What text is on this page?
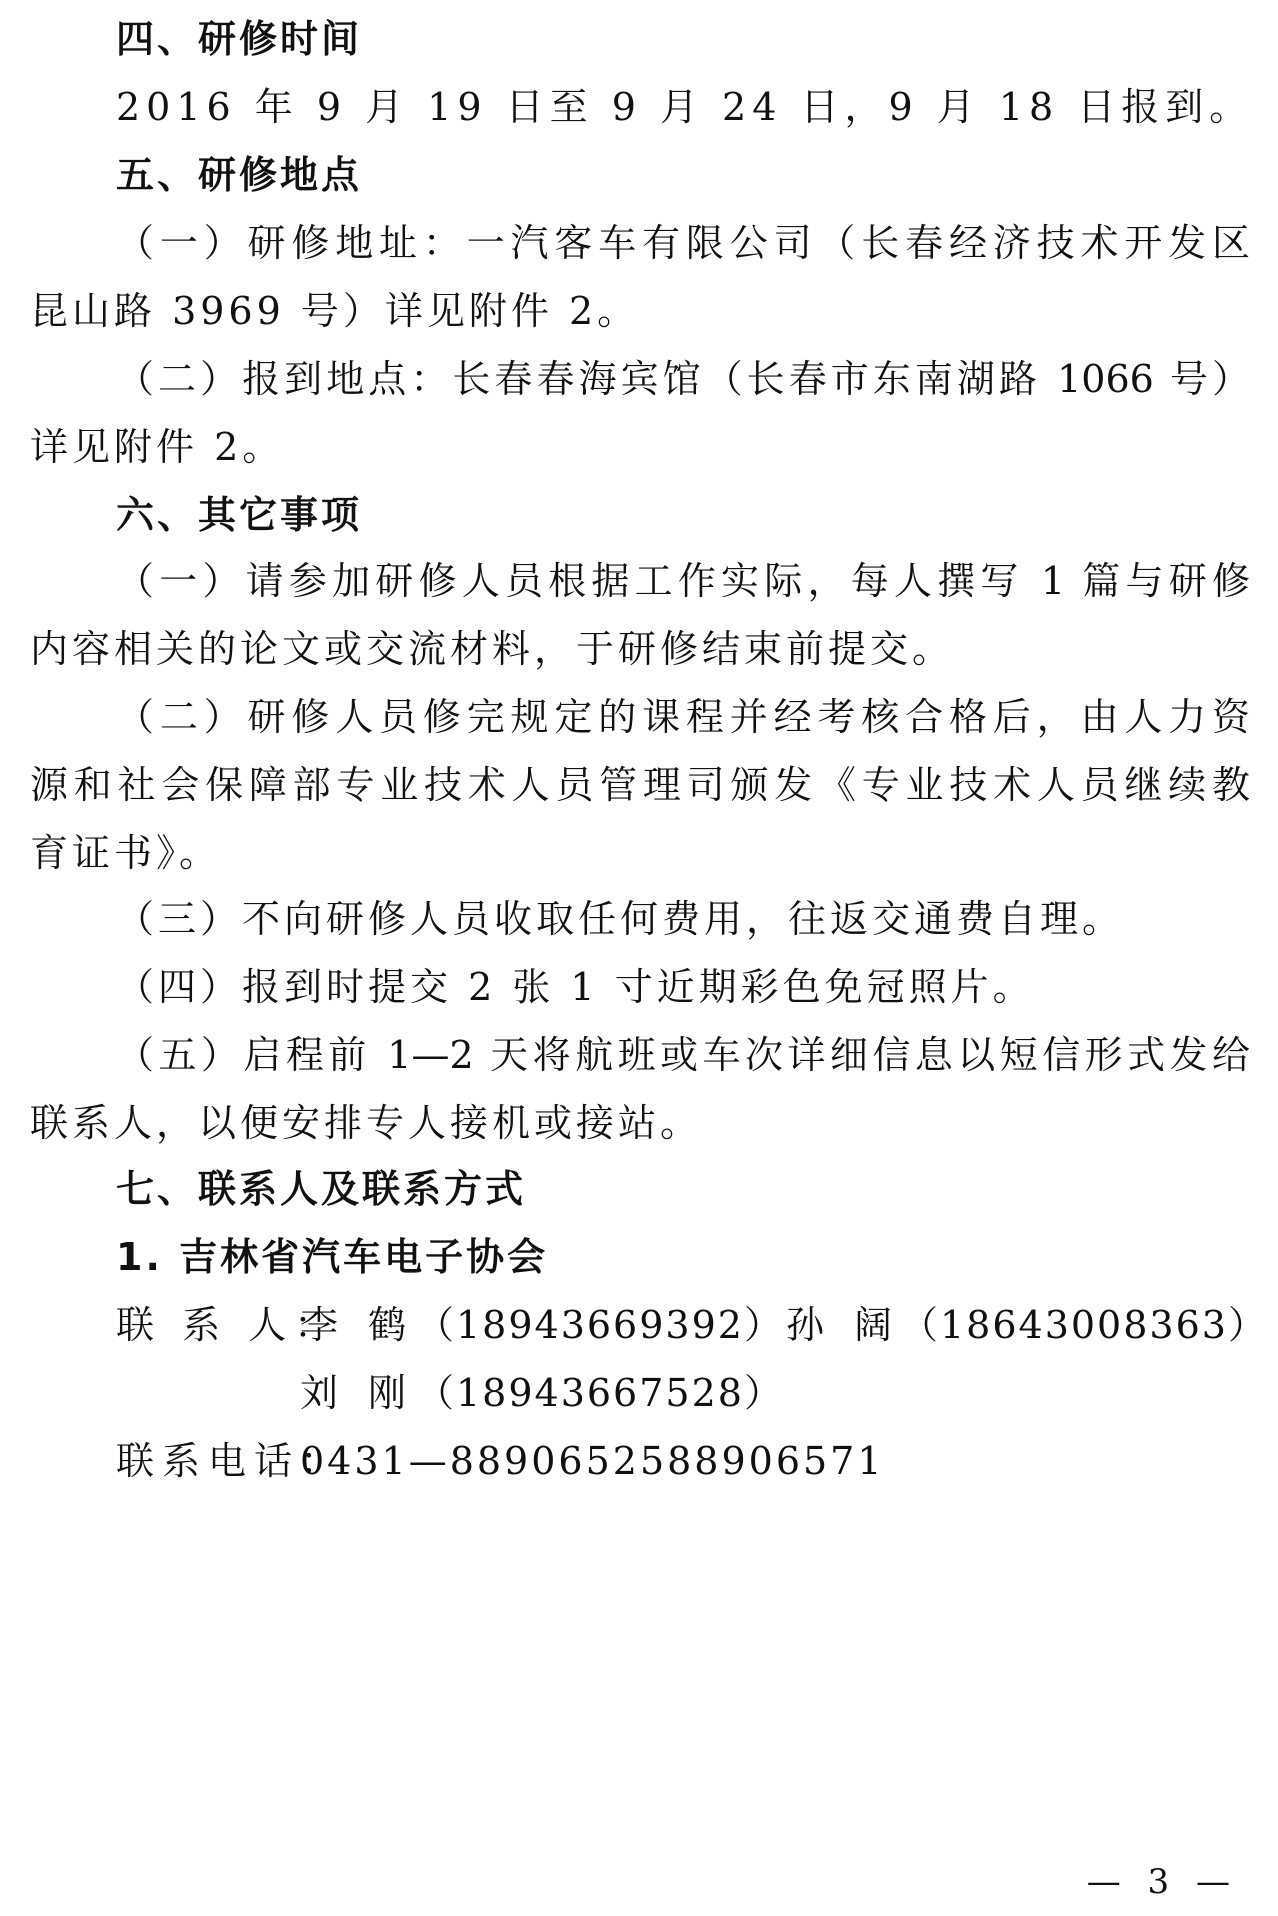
四、研修时间
2016 年 9 月 19 日至 9 月 24 日，9 月 18 日报到。
五、研修地点
（一）研修地址：一汽客车有限公司（长春经济技术开发区
昆山路 3969 号）详见附件 2。
（二）报到地点：长春春海宾馆（长春市东南湖路 1066 号）
详见附件 2。
六、其它事项
（一）请参加研修人员根据工作实际，每人撰写 1 篇与研修
内容相关的论文或交流材料，于研修结束前提交。
（二）研修人员修完规定的课程并经考核合格后，由人力资
源和社会保障部专业技术人员管理司颁发《专业技术人员继续教
育证书》。
（三）不向研修人员收取任何费用，往返交通费自理。
（四）报到时提交 2 张 1 寸近期彩色免冠照片。
（五）启程前 1—2 天将航班或车次详细信息以短信形式发给
联系人，以便安排专人接机或接站。
七、联系人及联系方式
1. 吉林省汽车电子协会
联 系 人：
李鹤
（18943669392） 孙阔
（18643008363）
刘刚
（18943667528）
联系电话：
0431—8890652588906571
— 3 —
